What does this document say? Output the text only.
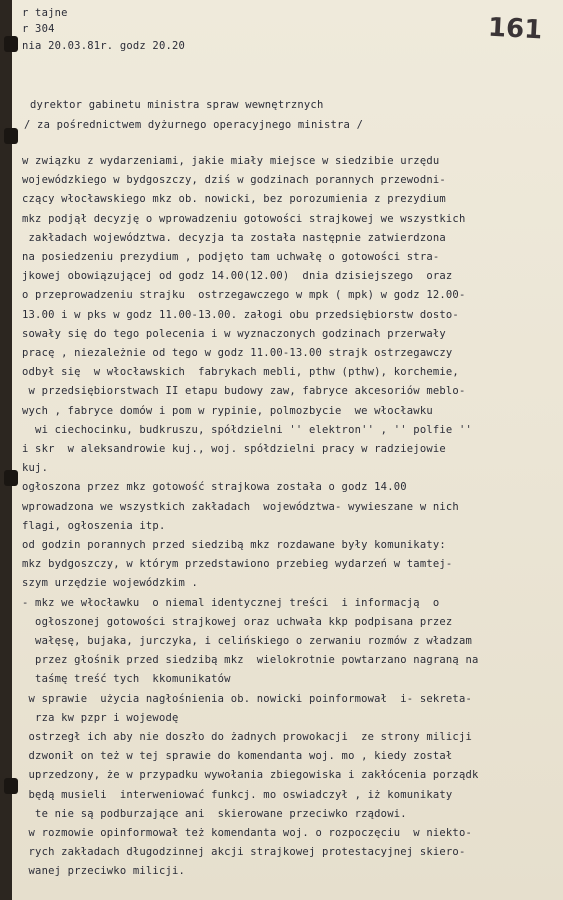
161
r tajne
r 304
nia 20.03.81r. godz 20.20
dyrektor gabinetu ministra spraw wewnętrznych
/ za pośrednictwem dyżurnego operacyjnego ministra /
w związku z wydarzeniami, jakie miały miejsce w siedzibie urzędu
wojewódzkiego w bydgoszczy, dziś w godzinach porannych przewodni-
czący włocławskiego mkz ob. nowicki, bez porozumienia z prezydium
mkz podjął decyzję o wprowadzeniu gotowości strajkowej we wszystkich
zakładach województwa. decyzja ta została następnie zatwierdzona
na posiedzeniu prezydium , podjęto tam uchwałę o gotowości stra-
jkowej obowiązującej od godz 14.00(12.00)  dnia dzisiejszego  oraz
o przeprowadzeniu strajku  ostrzegawczego w mpk ( mpk) w godz 12.00-
13.00 i w pks w godz 11.00-13.00. załogi obu przedsiębiorstw dosto-
sowały się do tego polecenia i w wyznaczonych godzinach przerwały
pracę , niezależnie od tego w godz 11.00-13.00 strajk ostrzegawczy
odbył się  w włocławskich  fabrykach mebli, pthw (pthw), korchemie,
w przedsiębiorstwach II etapu budowy zaw, fabryce akcesoriów meblo-
wych , fabryce domów i pom w rypinie, polmozbycie  we włocławku
wi ciechocinku, budkruszu, spółdzielni '' elektron'' , '' polfie ''
i skr  w aleksandrowie kuj., woj. spółdzielni pracy w radziejowie
kuj.
ogłoszona przez mkz gotowość strajkowa została o godz 14.00
wprowadzona we wszystkich zakładach  województwa- wywieszane w nich
flagi, ogłoszenia itp.
od godzin porannych przed siedzibą mkz rozdawane były komunikaty:
mkz bydgoszczy, w którym przedstawiono przebieg wydarzeń w tamtej-
szym urzędzie wojewódzkim .
- mkz we włocławku  o niemal identycznej treści  i informacją  o
ogłoszonej gotowości strajkowej oraz uchwała kkp podpisana przez
wałęsę, bujaka, jurczyka, i celińskiego o zerwaniu rozmów z władzam
przez głośnik przed siedzibą mkz  wielokrotnie powtarzano nagraną na
taśmę treść tych  kkomunikatów
w sprawie  użycia nagłośnienia ob. nowicki poinformował  i- sekreta-
rza kw pzpr i wojewodę
ostrzegł ich aby nie doszło do żadnych prowokacji  ze strony milicji
dzwonił on też w tej sprawie do komendanta woj. mo , kiedy został
uprzedzony, że w przypadku wywołania zbiegowiska i zakłócenia porządk
będą musieli  interweniować funkcj. mo oswiadczył , iż komunikaty
te nie są podburzające ani  skierowane przeciwko rządowi.
w rozmowie opinformował też komendanta woj. o rozpoczęciu  w niekto-
rych zakładach długodzinnej akcji strajkowej protestacyjnej skiero-
wanej przeciwko milicji.
